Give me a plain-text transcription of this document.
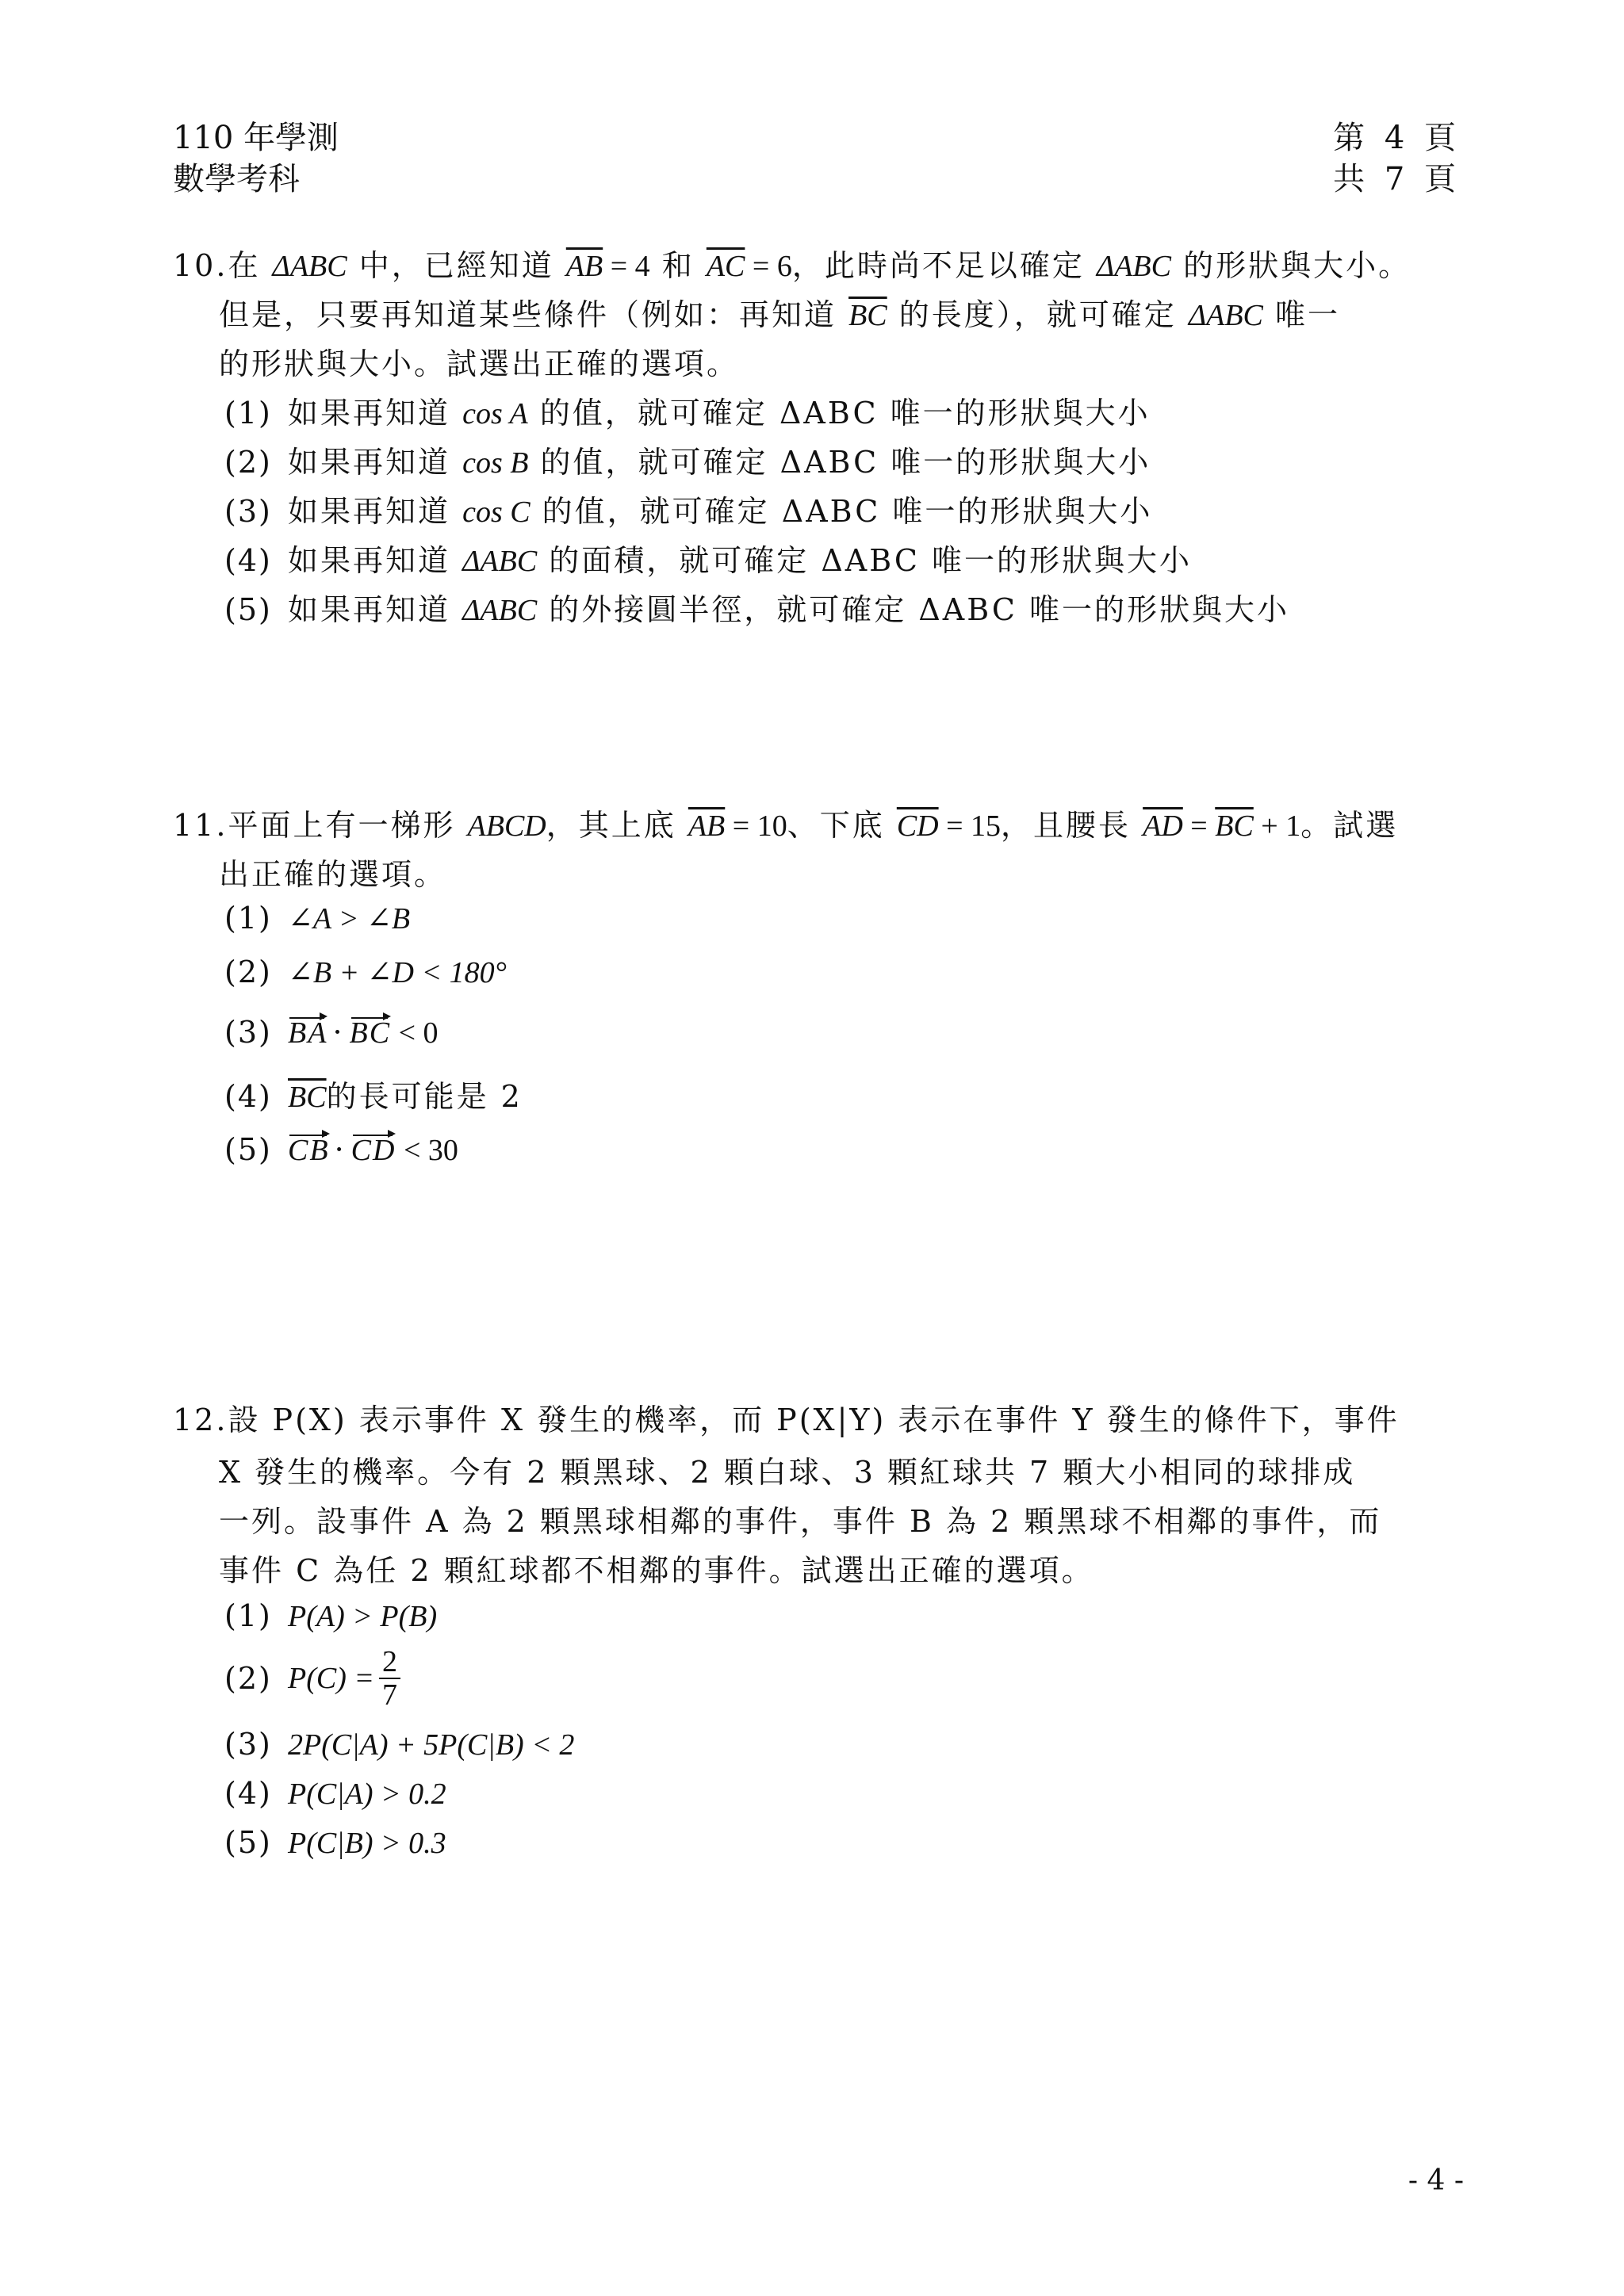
110 年學測
數學考科
第 4 頁
共 7 頁
10.在 ΔABC 中，已經知道 $\overline{AB} = 4$ 和 $\overline{AC} = 6$，此時尚不足以確定 ΔABC 的形狀與大小。
但是，只要再知道某些條件（例如：再知道 $\overline{BC}$ 的長度），就可確定 ΔABC 唯一
的形狀與大小。試選出正確的選項。
(1) 如果再知道 cos A 的值，就可確定 ΔABC 唯一的形狀與大小
(2) 如果再知道 cos B 的值，就可確定 ΔABC 唯一的形狀與大小
(3) 如果再知道 cos C 的值，就可確定 ΔABC 唯一的形狀與大小
(4) 如果再知道 ΔABC 的面積，就可確定 ΔABC 唯一的形狀與大小
(5) 如果再知道 ΔABC 的外接圓半徑，就可確定 ΔABC 唯一的形狀與大小
11.平面上有一梯形 ABCD，其上底 $\overline{AB} = 10$、下底 $\overline{CD} = 15$，且腰長 $\overline{AD} = \overline{BC} + 1$。試選
出正確的選項。
(1) ∠A > ∠B
(2) ∠B + ∠D < 180°
(3) BA · BC < 0
(4) $\overline{BC}$的長可能是 2
(5) CB · CD < 30
12.設 P(X) 表示事件 X 發生的機率，而 P(X|Y) 表示在事件 Y 發生的條件下，事件
X 發生的機率。今有 2 顆黑球、2 顆白球、3 顆紅球共 7 顆大小相同的球排成
一列。設事件 A 為 2 顆黑球相鄰的事件，事件 B 為 2 顆黑球不相鄰的事件，而
事件 C 為任 2 顆紅球都不相鄰的事件。試選出正確的選項。
(1) P(A) > P(B)
(2) $P(C) = \frac{2}{7}$
(3) 2P(C|A) + 5P(C|B) < 2
(4) P(C|A) > 0.2
(5) P(C|B) > 0.3
- 4 -
